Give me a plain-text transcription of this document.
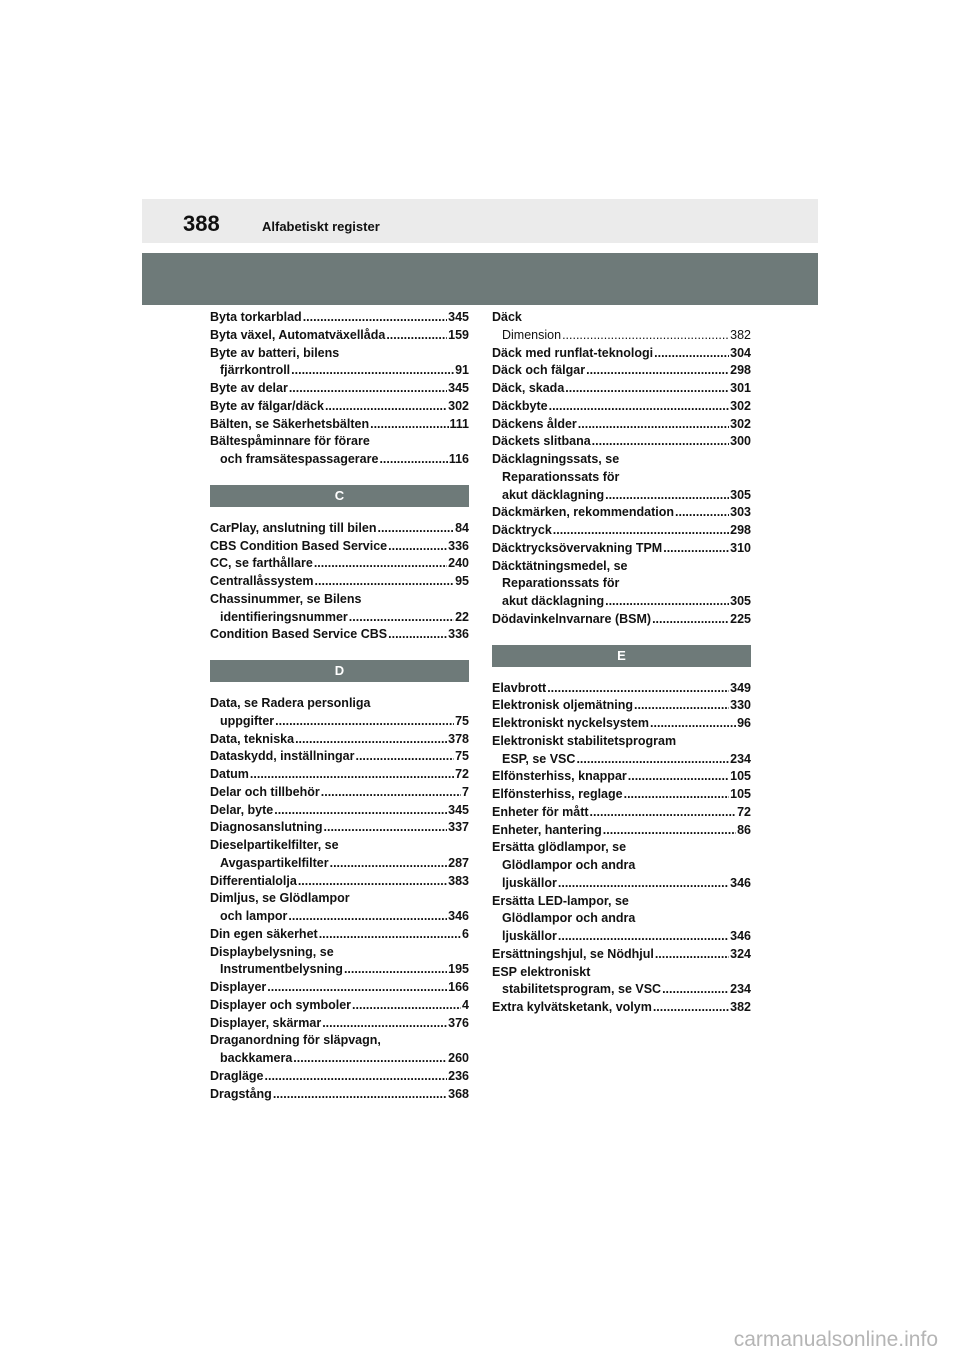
388	Alfabetiskt register
Byta torkarblad .....	345
Byta växel, Automatväxellåda .....	159
Byte av batteri, bilens
fjärrkontroll .....	91
Byte av delar .....	345
Byte av fälgar/däck .....	302
Bälten, se Säkerhetsbälten .....	111
Bältespåminnare för förare
och framsätespassagerare .....	116
C
CarPlay, anslutning till bilen .....	84
CBS Condition Based Service .....	336
CC, se farthållare .....	240
Centrallåssystem .....	95
Chassinummer, se Bilens
identifieringsnummer .....	22
Condition Based Service CBS .....	336
D
Data, se Radera personliga
uppgifter .....	75
Data, tekniska .....	378
Dataskydd, inställningar .....	75
Datum .....	72
Delar och tillbehör .....	7
Delar, byte .....	345
Diagnosanslutning .....	337
Dieselpartikelfilter, se
Avgaspartikelfilter .....	287
Differentialolja .....	383
Dimljus, se Glödlampor
och lampor .....	346
Din egen säkerhet .....	6
Displaybelysning, se
Instrumentbelysning .....	195
Displayer .....	166
Displayer och symboler .....	4
Displayer, skärmar .....	376
Draganordning för släpvagn,
backkamera .....	260
Dragläge .....	236
Dragstång .....	368
Däck
Dimension .....	382
Däck med runflat-teknologi .....	304
Däck och fälgar .....	298
Däck, skada .....	301
Däckbyte .....	302
Däckens ålder .....	302
Däckets slitbana .....	300
Däcklagningssats, se
Reparationssats för
akut däcklagning .....	305
Däckmärken, rekommendation .....	303
Däcktryck .....	298
Däcktrycksövervakning TPM .....	310
Däcktätningsmedel, se
Reparationssats för
akut däcklagning .....	305
Dödavinkelnvarnare (BSM) .....	225
E
Elavbrott .....	349
Elektronisk oljemätning .....	330
Elektroniskt nyckelsystem .....	96
Elektroniskt stabilitetsprogram
ESP, se VSC .....	234
Elfönsterhiss, knappar .....	105
Elfönsterhiss, reglage .....	105
Enheter för mått .....	72
Enheter, hantering .....	86
Ersätta glödlampor, se
Glödlampor och andra
ljuskällor .....	346
Ersätta LED-lampor, se
Glödlampor och andra
ljuskällor .....	346
Ersättningshjul, se Nödhjul .....	324
ESP elektroniskt
stabilitetsprogram, se VSC .....	234
Extra kylvätsketank, volym .....	382
carmanualsonline.info
